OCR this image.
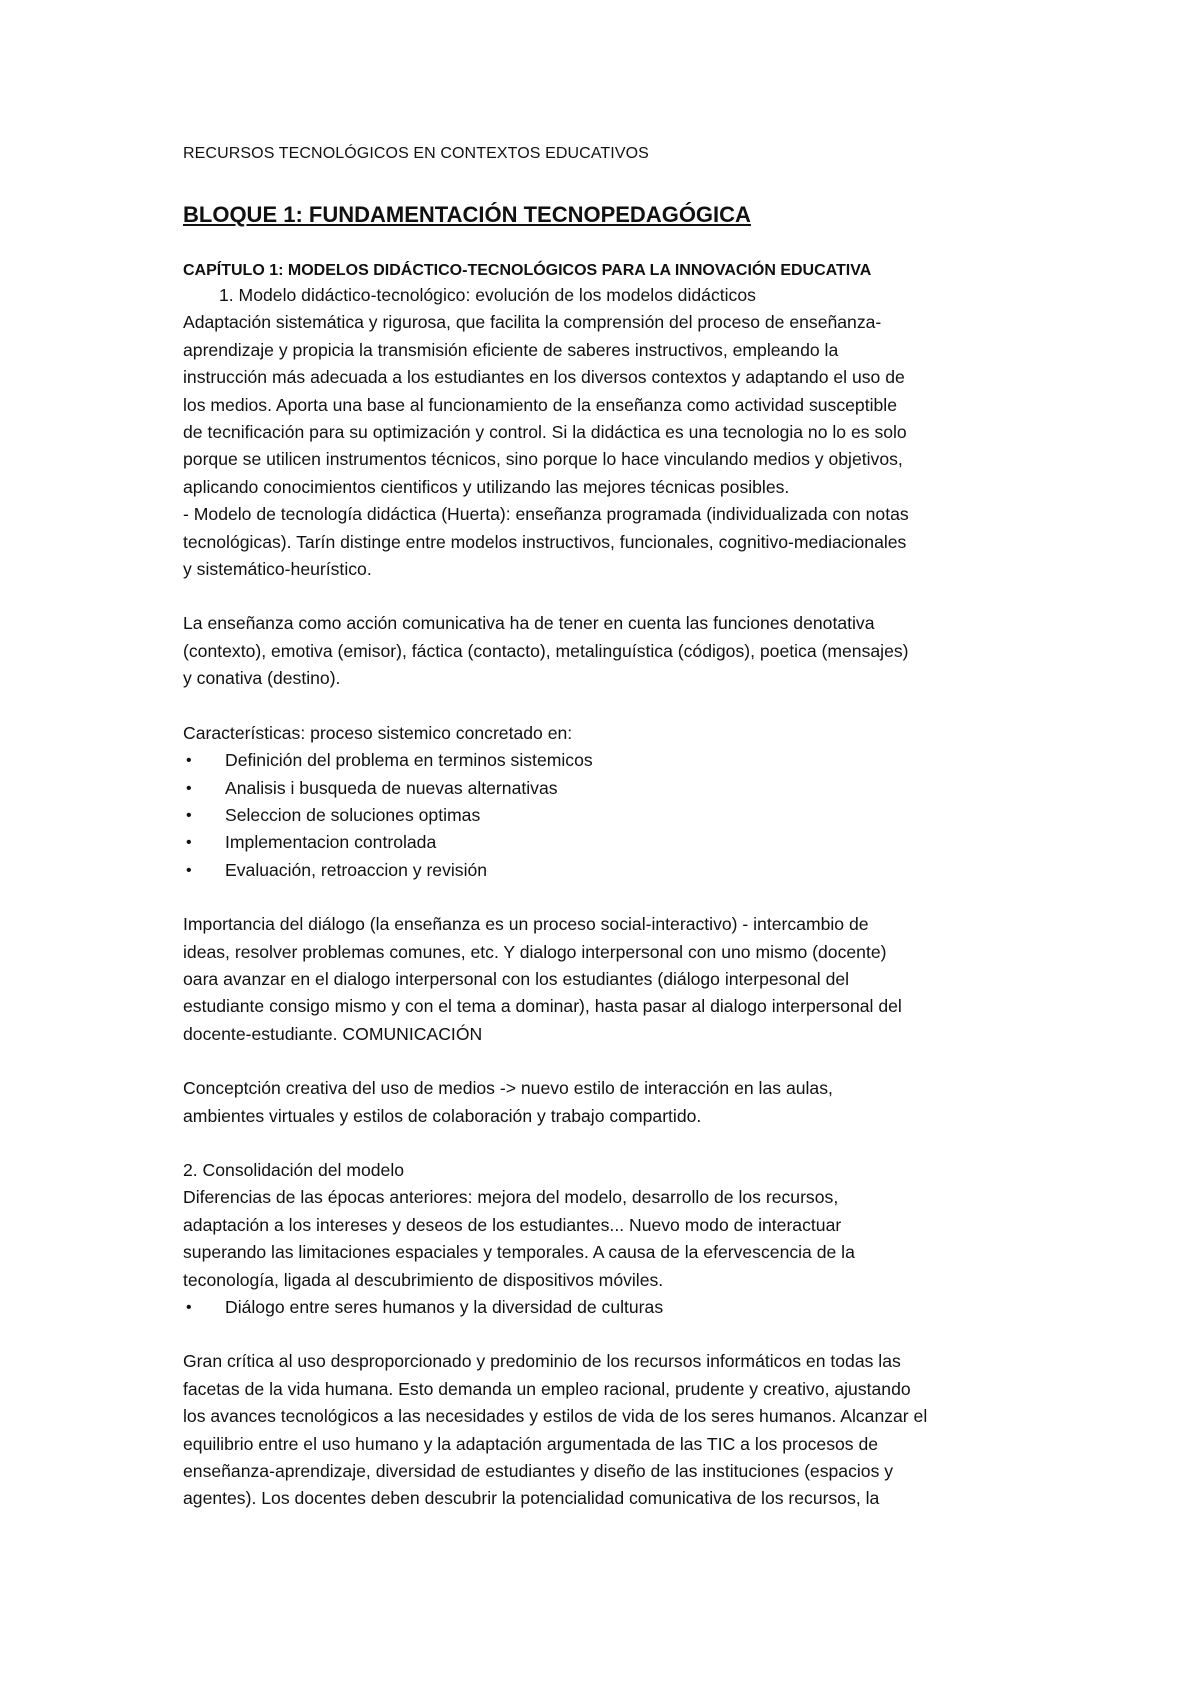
RECURSOS TECNOLÓGICOS EN CONTEXTOS EDUCATIVOS

BLOQUE 1: FUNDAMENTACIÓN TECNOPEDAGÓGICA
CAPÍTULO 1: MODELOS DIDÁCTICO-TECNOLÓGICOS PARA LA INNOVACIÓN EDUCATIVA

1. Modelo didáctico-tecnológico: evolución de los modelos didácticos

Adaptación sistemática y rigurosa, que facilita la comprensión del proceso de enseñanza-

aprendizaje y propicia la transmisión eficiente de saberes instructivos, empleando la

instrucción más adecuada a los estudiantes en los diversos contextos y adaptando el uso de

los medios. Aporta una base al funcionamiento de la enseñanza como actividad susceptible

de tecnificación para su optimización y control. Si la didáctica es una tecnologia no lo es solo

porque se utilicen instrumentos técnicos, sino porque lo hace vinculando medios y objetivos,

aplicando conocimientos cientificos y utilizando las mejores técnicas posibles.

- Modelo de tecnología didáctica (Huerta): enseñanza programada (individualizada con notas

tecnológicas). Tarín distinge entre modelos instructivos, funcionales, cognitivo-mediacionales

y sistemático-heurístico.

La enseñanza como acción comunicativa ha de tener en cuenta las funciones denotativa

(contexto), emotiva (emisor), fáctica (contacto), metalinguística (códigos), poetica (mensajes)

y conativa (destino).

Características: proceso sistemico concretado en:

• Definición del problema en terminos sistemicos
• Analisis i busqueda de nuevas alternativas
• Seleccion de soluciones optimas
• Implementacion controlada
• Evaluación, retroaccion y revisión

Importancia del diálogo (la enseñanza es un proceso social-interactivo) - intercambio de

ideas, resolver problemas comunes, etc. Y dialogo interpersonal con uno mismo (docente)

oara avanzar en el dialogo interpersonal con los estudiantes (diálogo interpesonal del

estudiante consigo mismo y con el tema a dominar), hasta pasar al dialogo interpersonal del

docente-estudiante. COMUNICACIÓN

Conceptción creativa del uso de medios -> nuevo estilo de interacción en las aulas,

ambientes virtuales y estilos de colaboración y trabajo compartido.

2. Consolidación del modelo

Diferencias de las épocas anteriores: mejora del modelo, desarrollo de los recursos,

adaptación a los intereses y deseos de los estudiantes... Nuevo modo de interactuar

superando las limitaciones espaciales y temporales. A causa de la efervescencia de la

teconología, ligada al descubrimiento de dispositivos móviles.

• Diálogo entre seres humanos y la diversidad de culturas

Gran crítica al uso desproporcionado y predominio de los recursos informáticos en todas las

facetas de la vida humana. Esto demanda un empleo racional, prudente y creativo, ajustando

los avances tecnológicos a las necesidades y estilos de vida de los seres humanos. Alcanzar el

equilibrio entre el uso humano y la adaptación argumentada de las TIC a los procesos de

enseñanza-aprendizaje, diversidad de estudiantes y diseño de las instituciones (espacios y

agentes). Los docentes deben descubrir la potencialidad comunicativa de los recursos, la
